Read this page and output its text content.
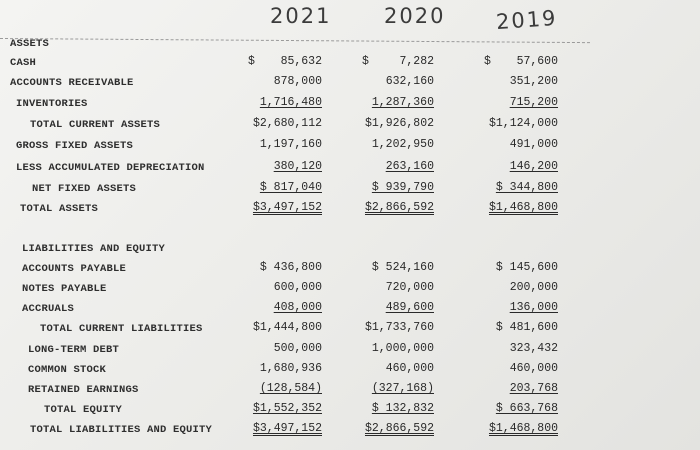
2021	2020 2019
ASSETS
LIABILITIES AND EQUITY
CASH	$	85,632	$	7,282	$	57,600
ACCOUNTS RECEIVABLE	878,000	632,160	351,200
INVENTORIES	1,716,480	1,287,360	715,200
TOTAL CURRENT ASSETS	$2,680,112	$1,926,802	$1,124,000
GROSS FIXED ASSETS	1,197,160	1,202,950	491,000
LESS ACCUMULATED DEPRECIATION	380,120	263,160	146,200
NET FIXED ASSETS	$ 817,040	$ 939,790	$ 344,800
TOTAL ASSETS	$3,497,152	$2,866,592	$1,468,800
ACCOUNTS PAYABLE	$ 436,800	$ 524,160	$ 145,600
NOTES PAYABLE	600,000	720,000	200,000
ACCRUALS	408,000	489,600	136,000
TOTAL CURRENT LIABILITIES	$1,444,800	$1,733,760	$ 481,600
LONG-TERM DEBT	500,000	1,000,000	323,432
COMMON STOCK	1,680,936	460,000	460,000
RETAINED EARNINGS	(128,584)	(327,168)	203,768
TOTAL EQUITY	$1,552,352	$ 132,832	$ 663,768
TOTAL LIABILITIES AND EQUITY	$3,497,152	$2,866,592	$1,468,800
